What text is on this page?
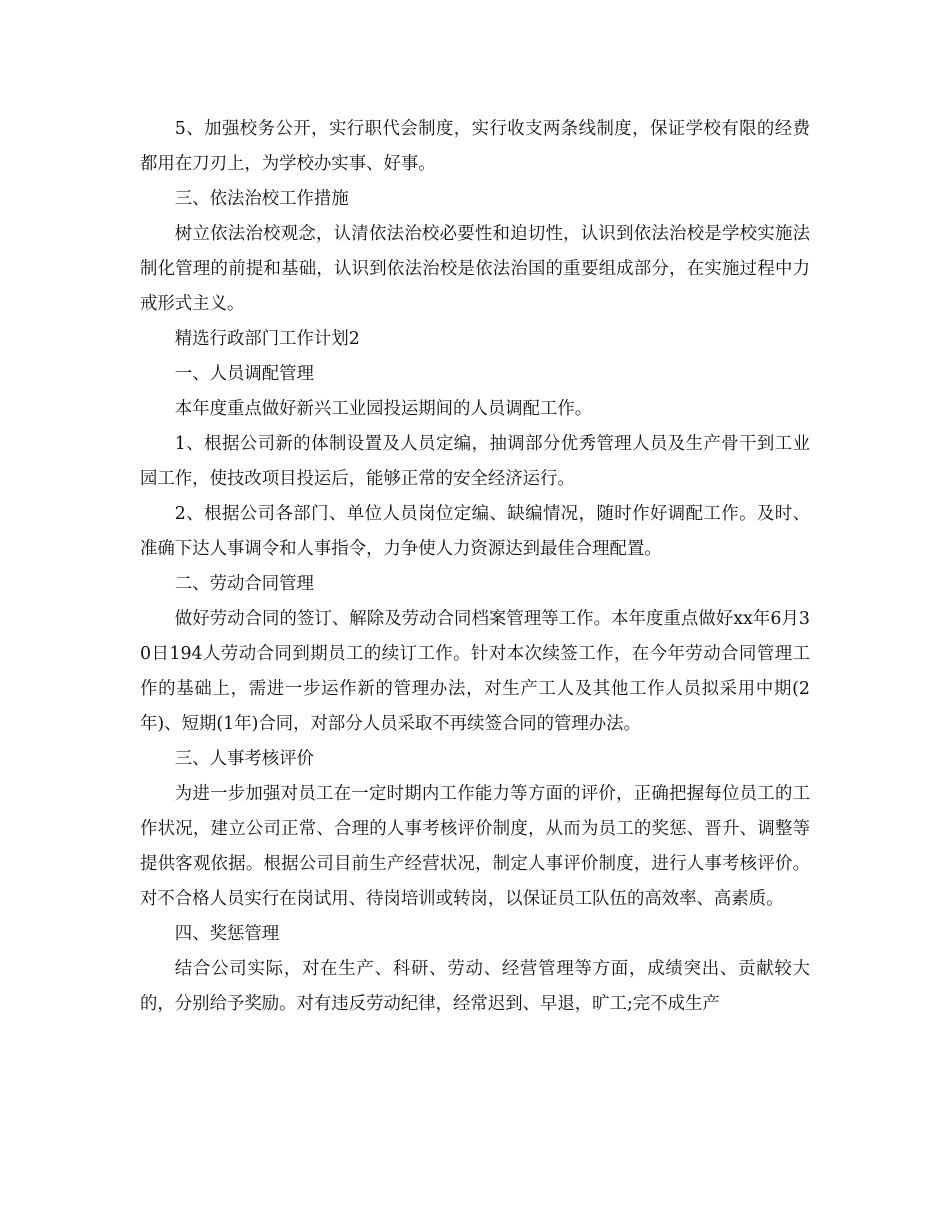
5、加强校务公开，实行职代会制度，实行收支两条线制度，保证学校有限的经费都用在刀刃上，为学校办实事、好事。

三、依法治校工作措施

树立依法治校观念，认清依法治校必要性和迫切性，认识到依法治校是学校实施法制化管理的前提和基础，认识到依法治校是依法治国的重要组成部分，在实施过程中力戒形式主义。

精选行政部门工作计划2

一、人员调配管理

本年度重点做好新兴工业园投运期间的人员调配工作。

1、根据公司新的体制设置及人员定编，抽调部分优秀管理人员及生产骨干到工业园工作，使技改项目投运后，能够正常的安全经济运行。

2、根据公司各部门、单位人员岗位定编、缺编情况，随时作好调配工作。及时、准确下达人事调令和人事指令，力争使人力资源达到最佳合理配置。

二、劳动合同管理

做好劳动合同的签订、解除及劳动合同档案管理等工作。本年度重点做好xx年6月30日194人劳动合同到期员工的续订工作。针对本次续签工作，在今年劳动合同管理工作的基础上，需进一步运作新的管理办法，对生产工人及其他工作人员拟采用中期(2年)、短期(1年)合同，对部分人员采取不再续签合同的管理办法。

三、人事考核评价

为进一步加强对员工在一定时期内工作能力等方面的评价，正确把握每位员工的工作状况，建立公司正常、合理的人事考核评价制度，从而为员工的奖惩、晋升、调整等提供客观依据。根据公司目前生产经营状况，制定人事评价制度，进行人事考核评价。对不合格人员实行在岗试用、待岗培训或转岗，以保证员工队伍的高效率、高素质。

四、奖惩管理

结合公司实际，对在生产、科研、劳动、经营管理等方面，成绩突出、贡献较大的，分别给予奖励。对有违反劳动纪律，经常迟到、早退，旷工;完不成生产
